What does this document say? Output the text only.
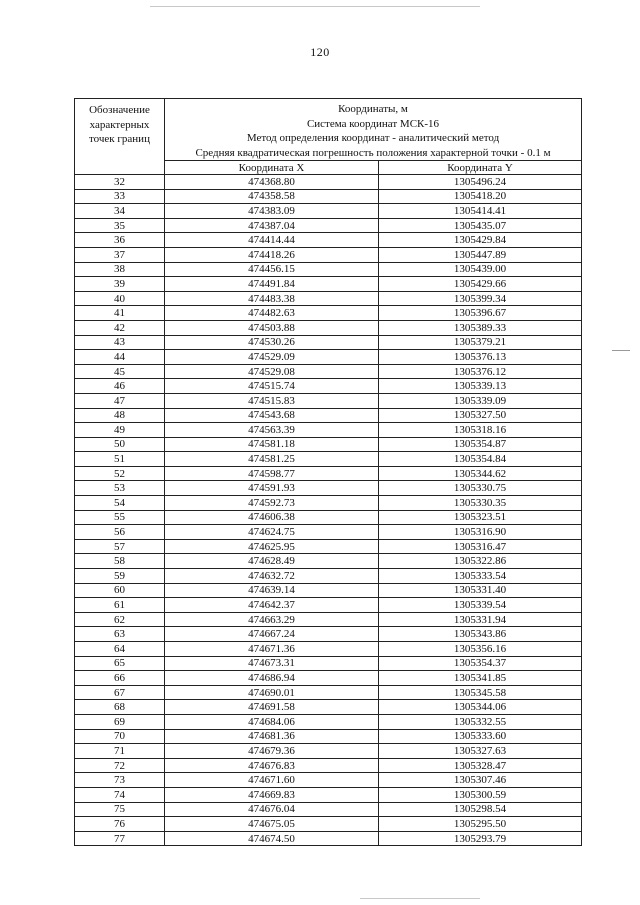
120
Обозначение
характерных
точек границ	Координаты, м
Система координат МСК-16
Метод определения координат - аналитический метод
Средняя квадратическая погрешность положения характерной точки - 0.1 м	

	Координата X	Координата Y
32	474368.80	1305496.24
33	474358.58	1305418.20
34	474383.09	1305414.41
35	474387.04	1305435.07
36	474414.44	1305429.84
37	474418.26	1305447.89
38	474456.15	1305439.00
39	474491.84	1305429.66
40	474483.38	1305399.34
41	474482.63	1305396.67
42	474503.88	1305389.33
43	474530.26	1305379.21
44	474529.09	1305376.13
45	474529.08	1305376.12
46	474515.74	1305339.13
47	474515.83	1305339.09
48	474543.68	1305327.50
49	474563.39	1305318.16
50	474581.18	1305354.87
51	474581.25	1305354.84
52	474598.77	1305344.62
53	474591.93	1305330.75
54	474592.73	1305330.35
55	474606.38	1305323.51
56	474624.75	1305316.90
57	474625.95	1305316.47
58	474628.49	1305322.86
59	474632.72	1305333.54
60	474639.14	1305331.40
61	474642.37	1305339.54
62	474663.29	1305331.94
63	474667.24	1305343.86
64	474671.36	1305356.16
65	474673.31	1305354.37
66	474686.94	1305341.85
67	474690.01	1305345.58
68	474691.58	1305344.06
69	474684.06	1305332.55
70	474681.36	1305333.60
71	474679.36	1305327.63
72	474676.83	1305328.47
73	474671.60	1305307.46
74	474669.83	1305300.59
75	474676.04	1305298.54
76	474675.05	1305295.50
77	474674.50	1305293.79
